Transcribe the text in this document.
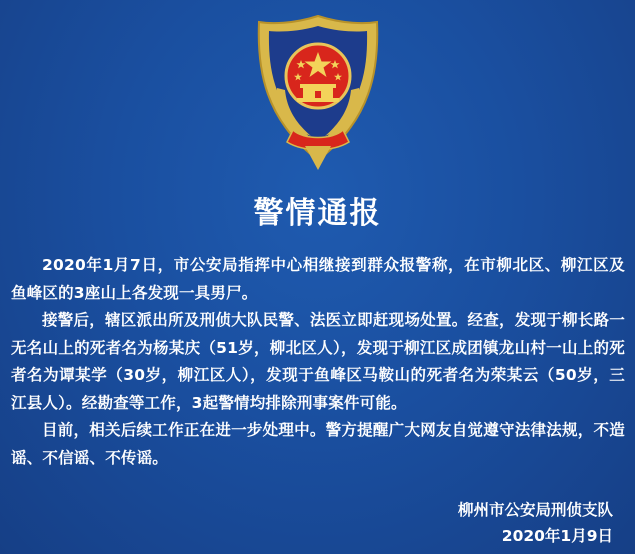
警情通报

2020年1月7日，市公安局指挥中心相继接到群众报警称，在市柳北区、柳江区及鱼峰区的3座山上各发现一具男尸。

接警后，辖区派出所及刑侦大队民警、法医立即赶现场处置。经查，发现于柳长路一无名山上的死者名为杨某庆（51岁，柳北区人），发现于柳江区成团镇龙山村一山上的死者名为谭某学（30岁，柳江区人），发现于鱼峰区马鞍山的死者名为荣某云（50岁，三江县人）。经勘查等工作，3起警情均排除刑事案件可能。

目前，相关后续工作正在进一步处理中。警方提醒广大网友自觉遵守法律法规，不造谣、不信谣、不传谣。

柳州市公安局刑侦支队
2020年1月9日
